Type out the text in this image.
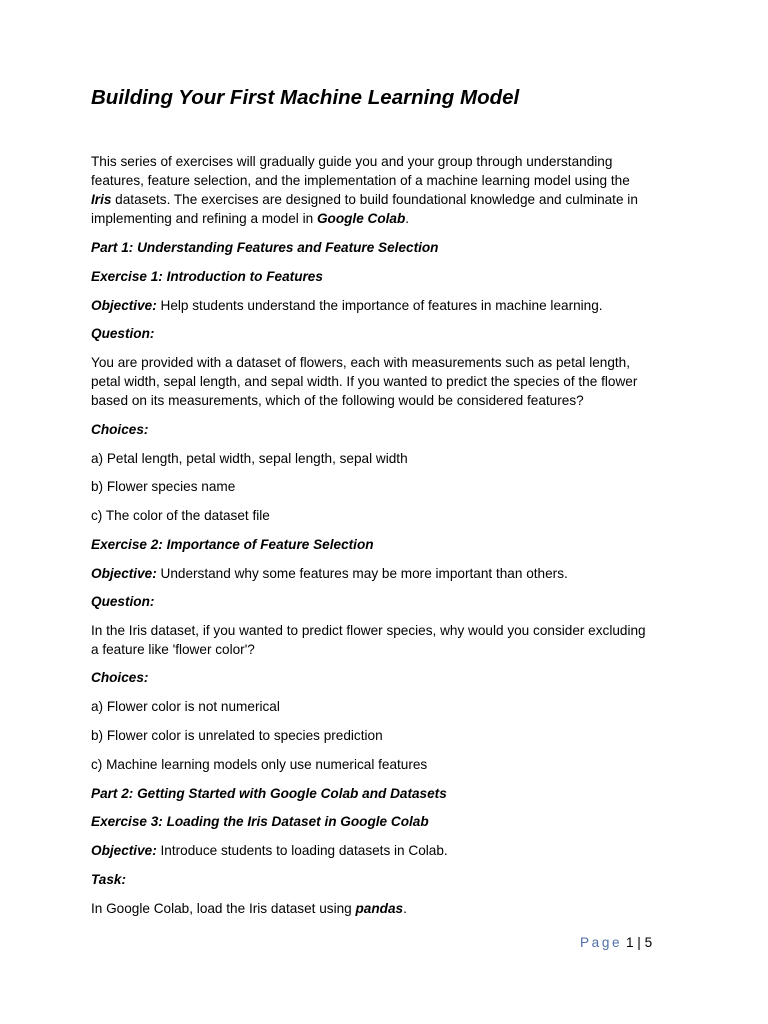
Building Your First Machine Learning Model

This series of exercises will gradually guide you and your group through understanding

features, feature selection, and the implementation of a machine learning model using the

Iris datasets. The exercises are designed to build foundational knowledge and culminate in

implementing and refining a model in Google Colab.

Part 1: Understanding Features and Feature Selection

Exercise 1: Introduction to Features

Objective: Help students understand the importance of features in machine learning.

Question:

You are provided with a dataset of flowers, each with measurements such as petal length,

petal width, sepal length, and sepal width. If you wanted to predict the species of the flower

based on its measurements, which of the following would be considered features?

Choices:

a) Petal length, petal width, sepal length, sepal width

b) Flower species name

c) The color of the dataset file

Exercise 2: Importance of Feature Selection

Objective: Understand why some features may be more important than others.

Question:

In the Iris dataset, if you wanted to predict flower species, why would you consider excluding

a feature like 'flower color'?

Choices:

a) Flower color is not numerical

b) Flower color is unrelated to species prediction

c) Machine learning models only use numerical features

Part 2: Getting Started with Google Colab and Datasets

Exercise 3: Loading the Iris Dataset in Google Colab

Objective: Introduce students to loading datasets in Colab.

Task:

In Google Colab, load the Iris dataset using pandas.

Page 1 | 5
